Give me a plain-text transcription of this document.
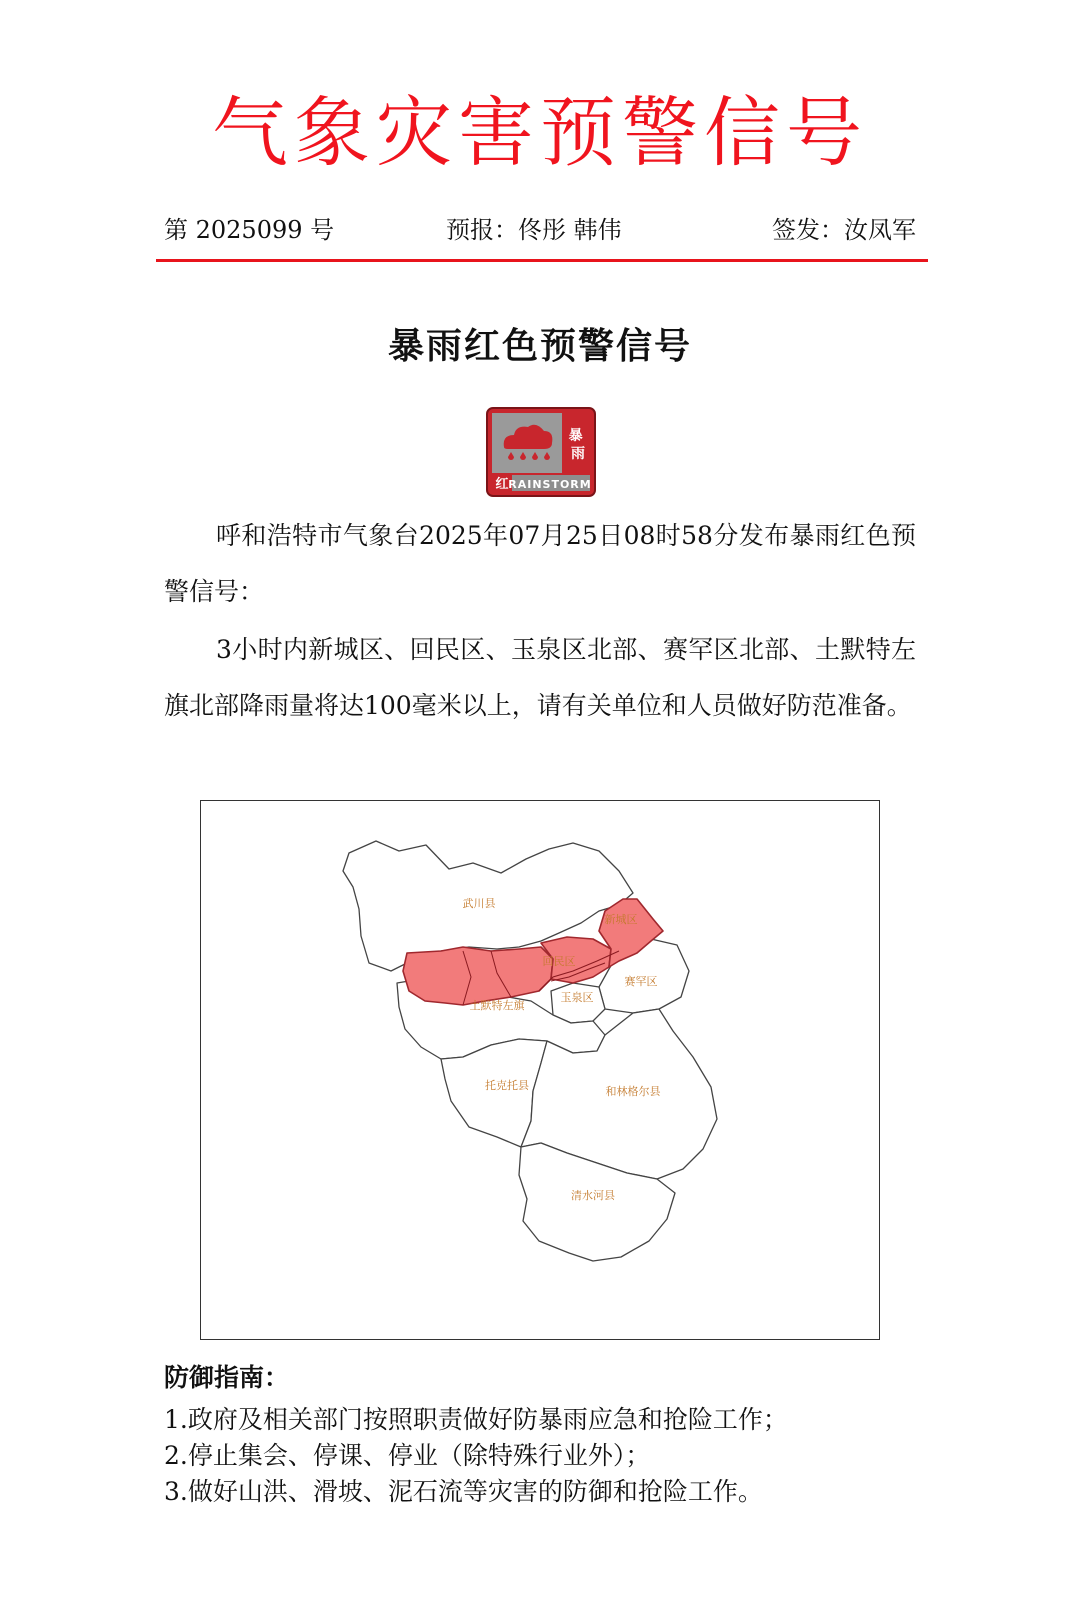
气象灾害预警信号
第 2025099 号	预报：佟彤 韩伟	签发：汝凤军
暴雨红色预警信号
暴 雨
红 RAINSTORM
呼和浩特市气象台2025年07月25日08时58分发布暴雨红色预警信号：
3小时内新城区、回民区、玉泉区北部、赛罕区北部、土默特左旗北部降雨量将达100毫米以上，请有关单位和人员做好防范准备。
武川县
新城区
回民区
赛罕区
玉泉区
土默特左旗
托克托县	和林格尔县
清水河县
防御指南：
1.政府及相关部门按照职责做好防暴雨应急和抢险工作；
2.停止集会、停课、停业（除特殊行业外）；
3.做好山洪、滑坡、泥石流等灾害的防御和抢险工作。
